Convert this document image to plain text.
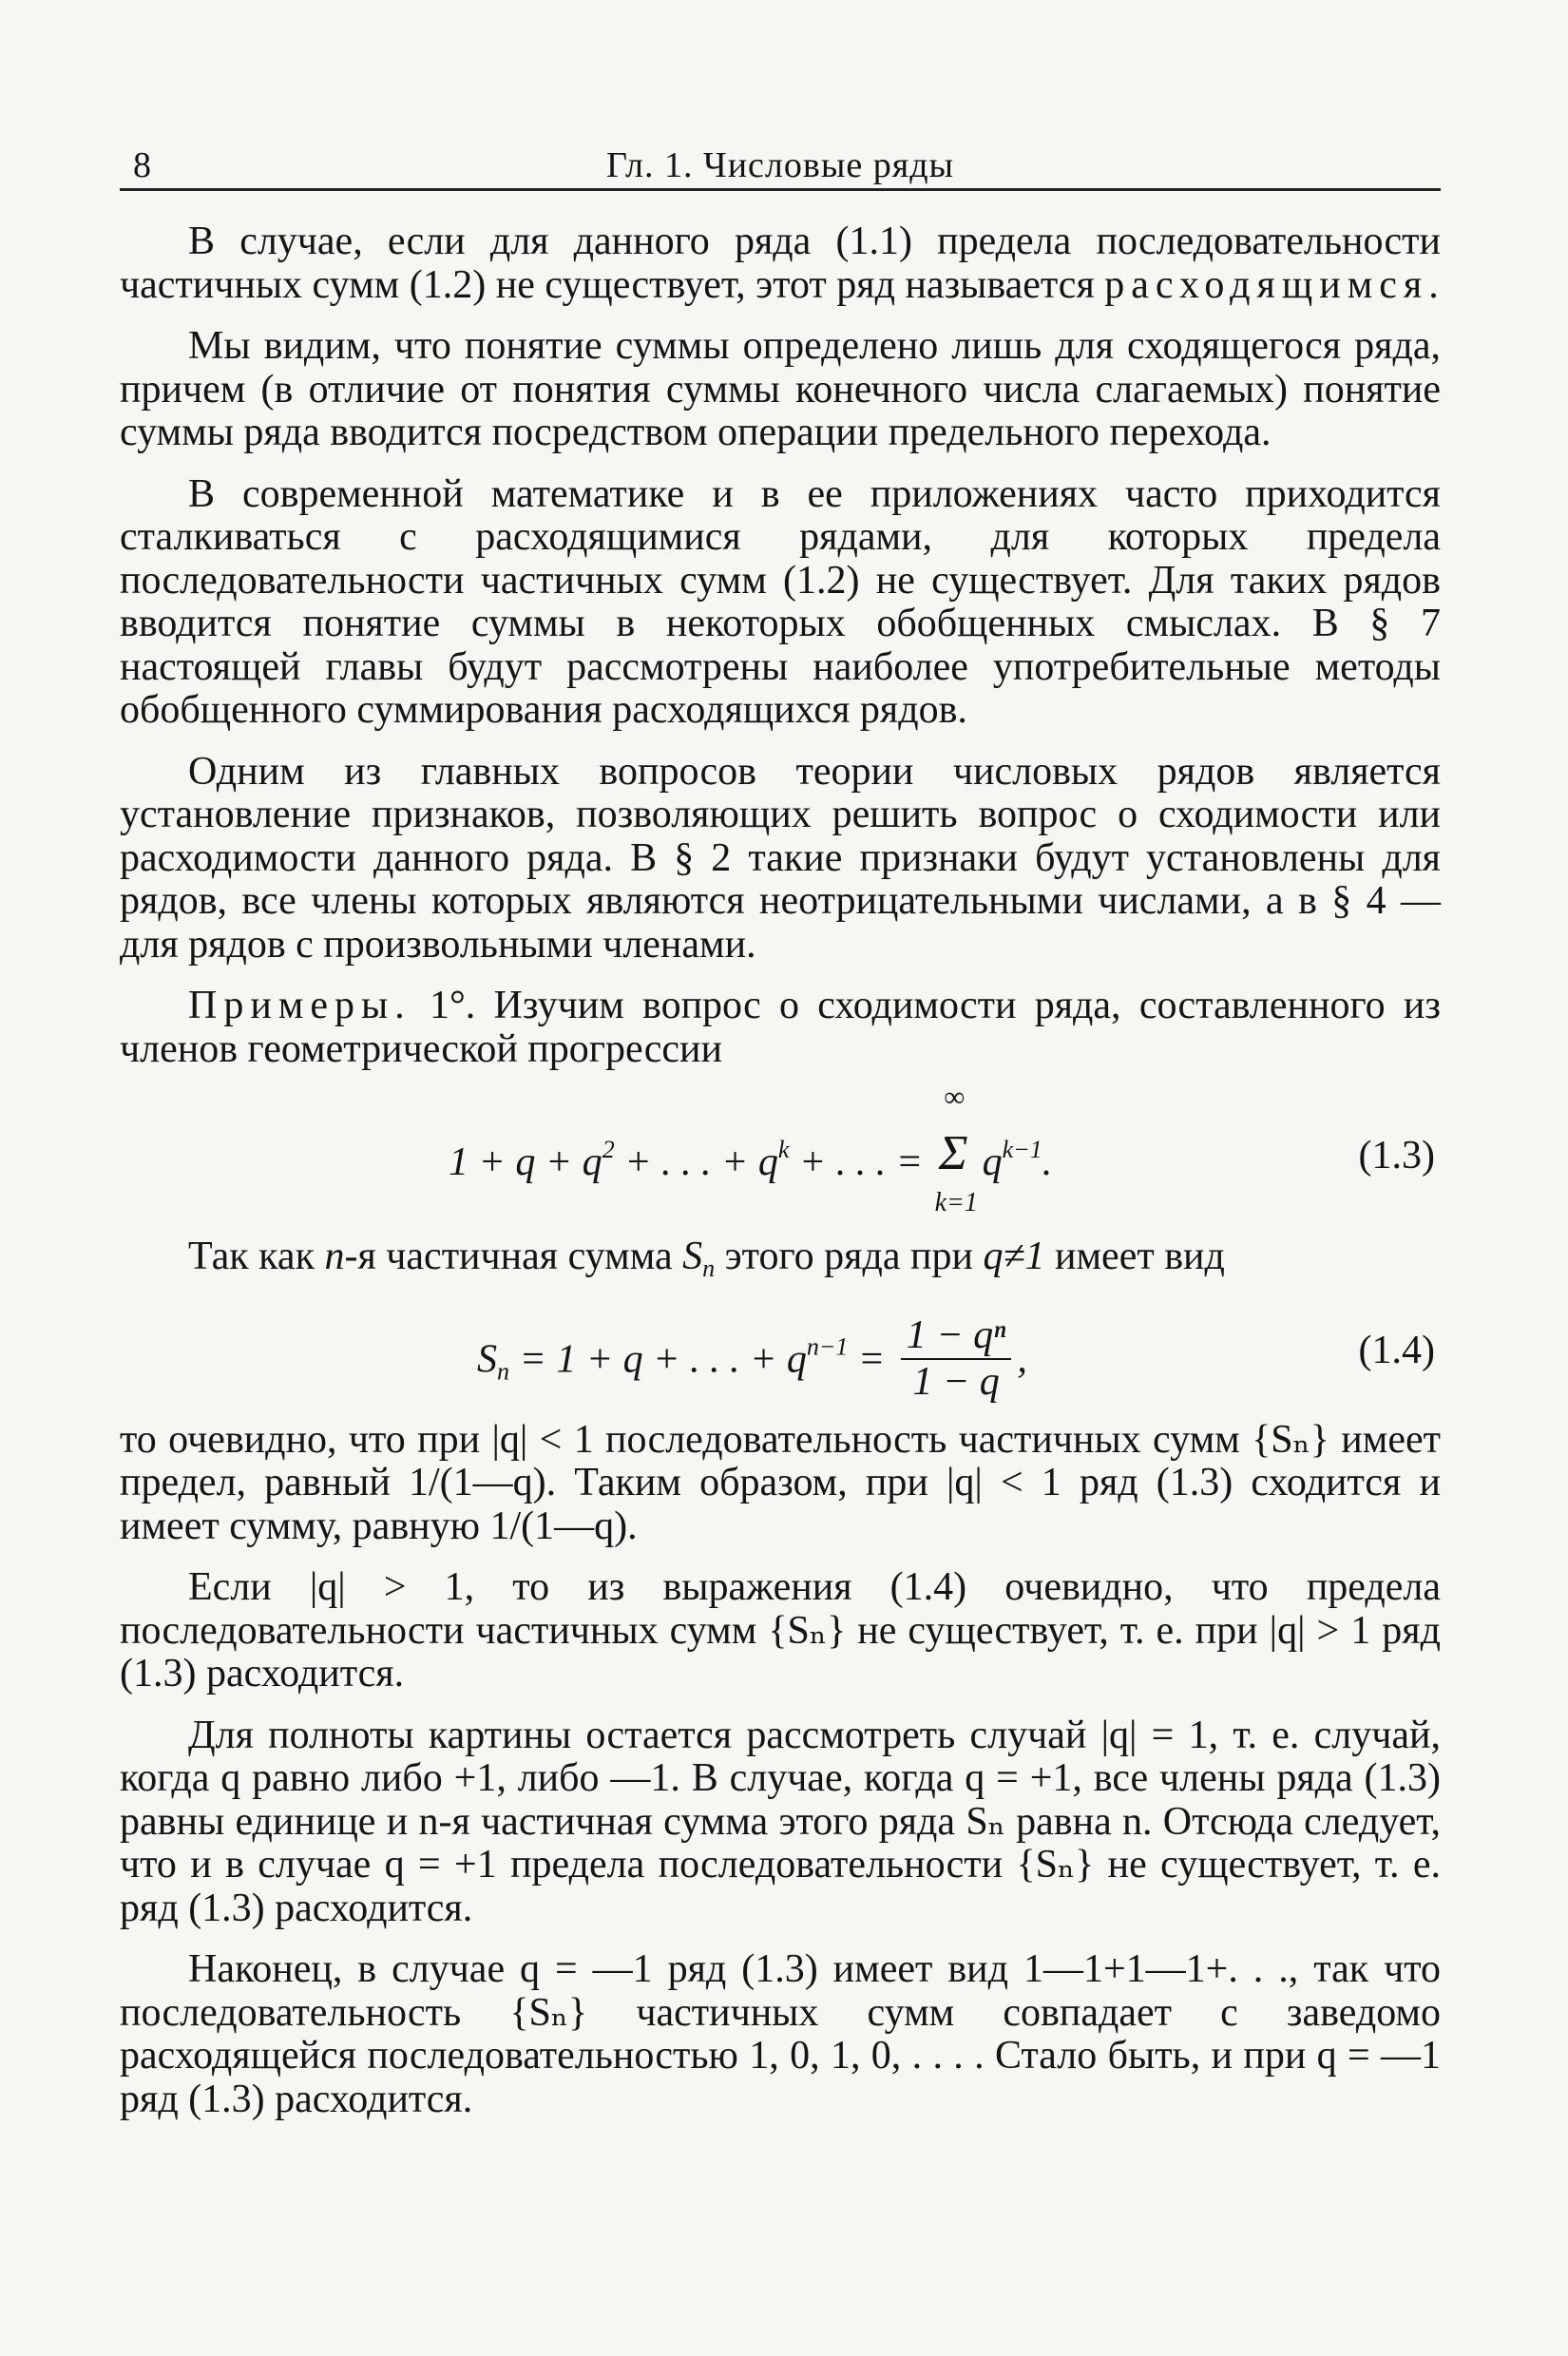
8	Гл. 1. Числовые ряды

В случае, если для данного ряда (1.1) предела последовательности частичных сумм (1.2) не существует, этот ряд называется расходящимся.

Мы видим, что понятие суммы определено лишь для сходящегося ряда, причем (в отличие от понятия суммы конечного числа слагаемых) понятие суммы ряда вводится посредством операции предельного перехода.

В современной математике и в ее приложениях часто приходится сталкиваться с расходящимися рядами, для которых предела последовательности частичных сумм (1.2) не существует. Для таких рядов вводится понятие суммы в некоторых обобщенных смыслах. В § 7 настоящей главы будут рассмотрены наиболее употребительные методы обобщенного суммирования расходящихся рядов.

Одним из главных вопросов теории числовых рядов является установление признаков, позволяющих решить вопрос о сходимости или расходимости данного ряда. В § 2 такие признаки будут установлены для рядов, все члены которых являются неотрицательными числами, а в § 4 — для рядов с произвольными членами.

Примеры. 1°. Изучим вопрос о сходимости ряда, составленного из членов геометрической прогрессии

$1 + q + q^2$ + . . . + $q^k$ + . . . =
∞
Σ
k=1
$q^{k-1}$.	(1.3)

Так как n-я частичная сумма $S_n$ этого ряда при q≠1 имеет вид

$S_n = 1 + q$ + . . . + $q^{n-1} = \frac{\text{1 − qⁿ}}{1 - q}$ ,	(1.4)

то очевидно, что при |q| < 1 последовательность частичных сумм {Sₙ} имеет предел, равный 1/(1—q). Таким образом, при |q| < 1 ряд (1.3) сходится и имеет сумму, равную 1/(1—q).

Если |q| > 1, то из выражения (1.4) очевидно, что предела последовательности частичных сумм {Sₙ} не существует, т. е. при |q| > 1 ряд (1.3) расходится.

Для полноты картины остается рассмотреть случай |q| = 1, т. е. случай, когда q равно либо +1, либо —1. В случае, когда q = +1, все члены ряда (1.3) равны единице и n-я частичная сумма этого ряда Sₙ равна n. Отсюда следует, что и в случае q = +1 предела последовательности {Sₙ} не существует, т. е. ряд (1.3) расходится.

Наконец, в случае q = —1 ряд (1.3) имеет вид 1—1+1—1+. . ., так что последовательность {Sₙ} частичных сумм совпадает с заведомо расходящейся последовательностью 1, 0, 1, 0, . . . . Стало быть, и при q = —1 ряд (1.3) расходится.
